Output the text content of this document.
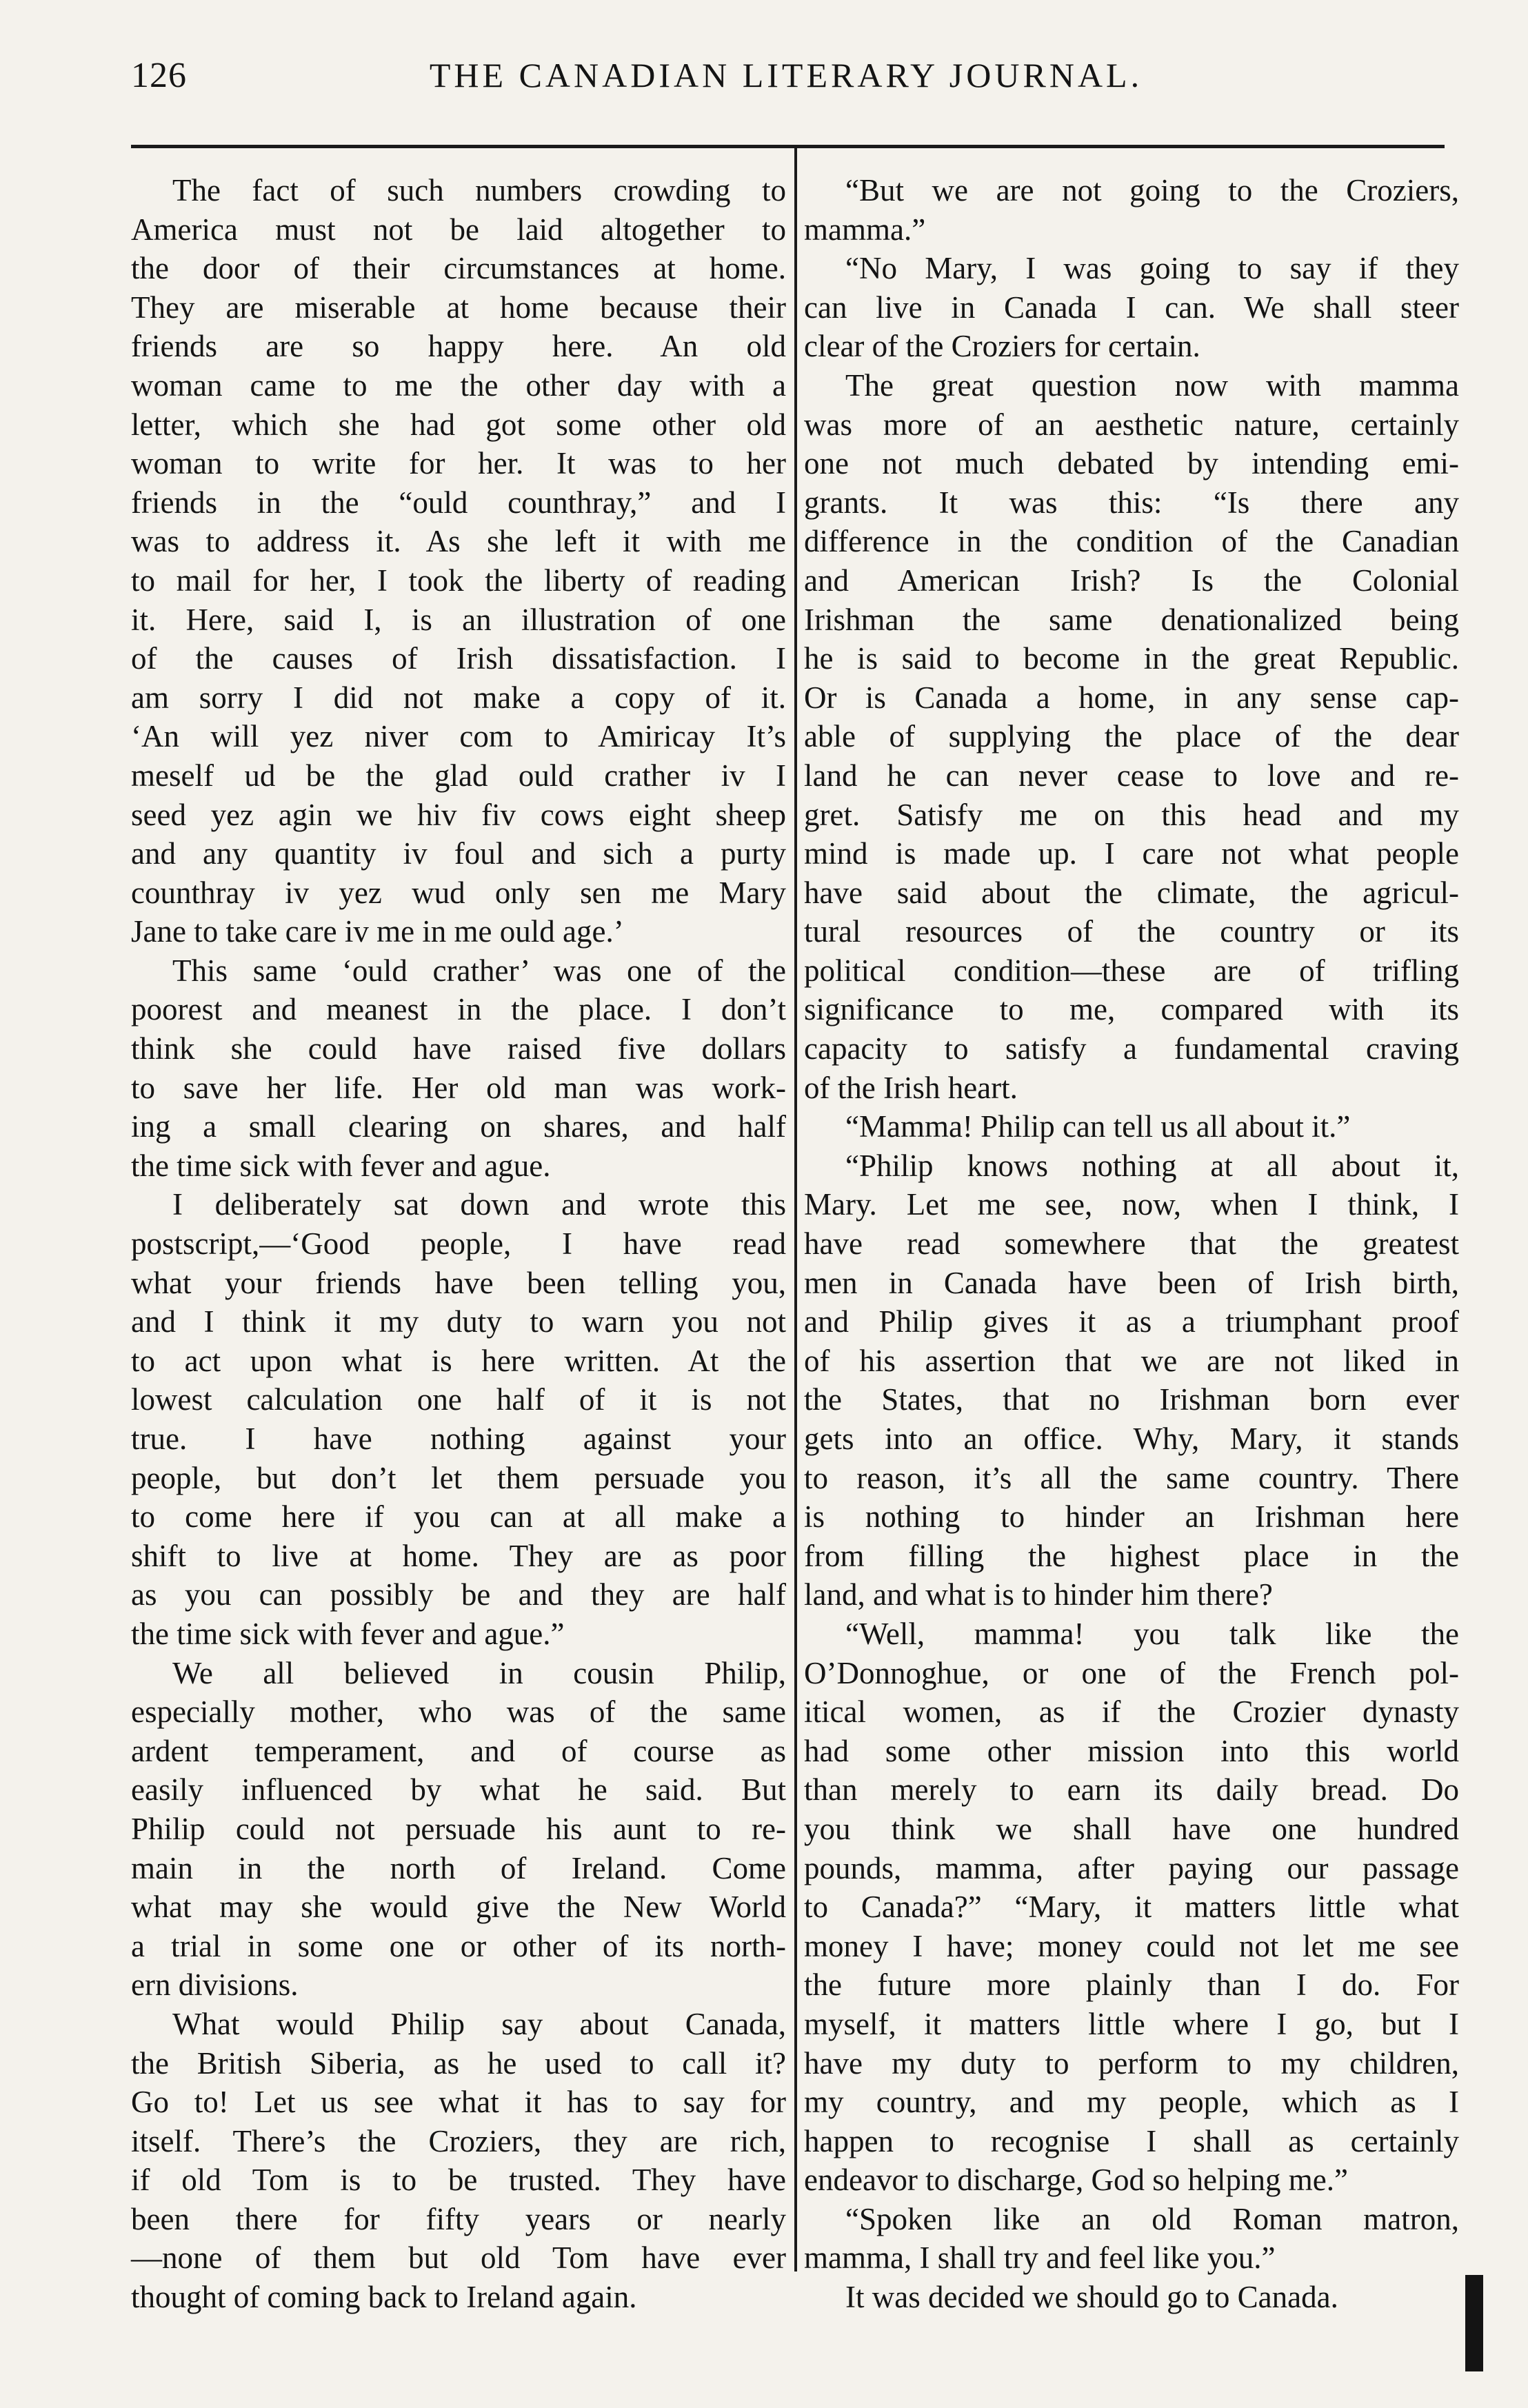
126	THE CANADIAN LITERARY JOURNAL.
The fact of such numbers crowding to
America must not be laid altogether to
the door of their circumstances at home.
They are miserable at home because their
friends are so happy here. An old
woman came to me the other day with a
letter, which she had got some other old
woman to write for her. It was to her
friends in the “ould counthray,” and I
was to address it. As she left it with me
to mail for her, I took the liberty of reading
it. Here, said I, is an illustration of one
of the causes of Irish dissatisfaction. I
am sorry I did not make a copy of it.
‘An will yez niver com to Amiricay It’s
meself ud be the glad ould crather iv I
seed yez agin we hiv fiv cows eight sheep
and any quantity iv foul and sich a purty
counthray iv yez wud only sen me Mary
Jane to take care iv me in me ould age.’
This same ‘ould crather’ was one of the
poorest and meanest in the place. I don’t
think she could have raised five dollars
to save her life. Her old man was work-
ing a small clearing on shares, and half
the time sick with fever and ague.
I deliberately sat down and wrote this
postscript,—‘Good people, I have read
what your friends have been telling you,
and I think it my duty to warn you not
to act upon what is here written. At the
lowest calculation one half of it is not
true. I have nothing against your
people, but don’t let them persuade you
to come here if you can at all make a
shift to live at home. They are as poor
as you can possibly be and they are half
the time sick with fever and ague.”
We all believed in cousin Philip,
especially mother, who was of the same
ardent temperament, and of course as
easily influenced by what he said. But
Philip could not persuade his aunt to re-
main in the north of Ireland. Come
what may she would give the New World
a trial in some one or other of its north-
ern divisions.
What would Philip say about Canada,
the British Siberia, as he used to call it?
Go to! Let us see what it has to say for
itself. There’s the Croziers, they are rich,
if old Tom is to be trusted. They have
been there for fifty years or nearly
—none of them but old Tom have ever
thought of coming back to Ireland again.
“But we are not going to the Croziers,
mamma.”
“No Mary, I was going to say if they
can live in Canada I can. We shall steer
clear of the Croziers for certain.
The great question now with mamma
was more of an aesthetic nature, certainly
one not much debated by intending emi-
grants. It was this: “Is there any
difference in the condition of the Canadian
and American Irish? Is the Colonial
Irishman the same denationalized being
he is said to become in the great Republic.
Or is Canada a home, in any sense cap-
able of supplying the place of the dear
land he can never cease to love and re-
gret. Satisfy me on this head and my
mind is made up. I care not what people
have said about the climate, the agricul-
tural resources of the country or its
political condition—these are of trifling
significance to me, compared with its
capacity to satisfy a fundamental craving
of the Irish heart.
“Mamma! Philip can tell us all about it.”
“Philip knows nothing at all about it,
Mary. Let me see, now, when I think, I
have read somewhere that the greatest
men in Canada have been of Irish birth,
and Philip gives it as a triumphant proof
of his assertion that we are not liked in
the States, that no Irishman born ever
gets into an office. Why, Mary, it stands
to reason, it’s all the same country. There
is nothing to hinder an Irishman here
from filling the highest place in the
land, and what is to hinder him there?
“Well, mamma! you talk like the
O’Donnoghue, or one of the French pol-
itical women, as if the Crozier dynasty
had some other mission into this world
than merely to earn its daily bread. Do
you think we shall have one hundred
pounds, mamma, after paying our passage
to Canada?” “Mary, it matters little what
money I have; money could not let me see
the future more plainly than I do. For
myself, it matters little where I go, but I
have my duty to perform to my children,
my country, and my people, which as I
happen to recognise I shall as certainly
endeavor to discharge, God so helping me.”
“Spoken like an old Roman matron,
mamma, I shall try and feel like you.”
It was decided we should go to Canada.
